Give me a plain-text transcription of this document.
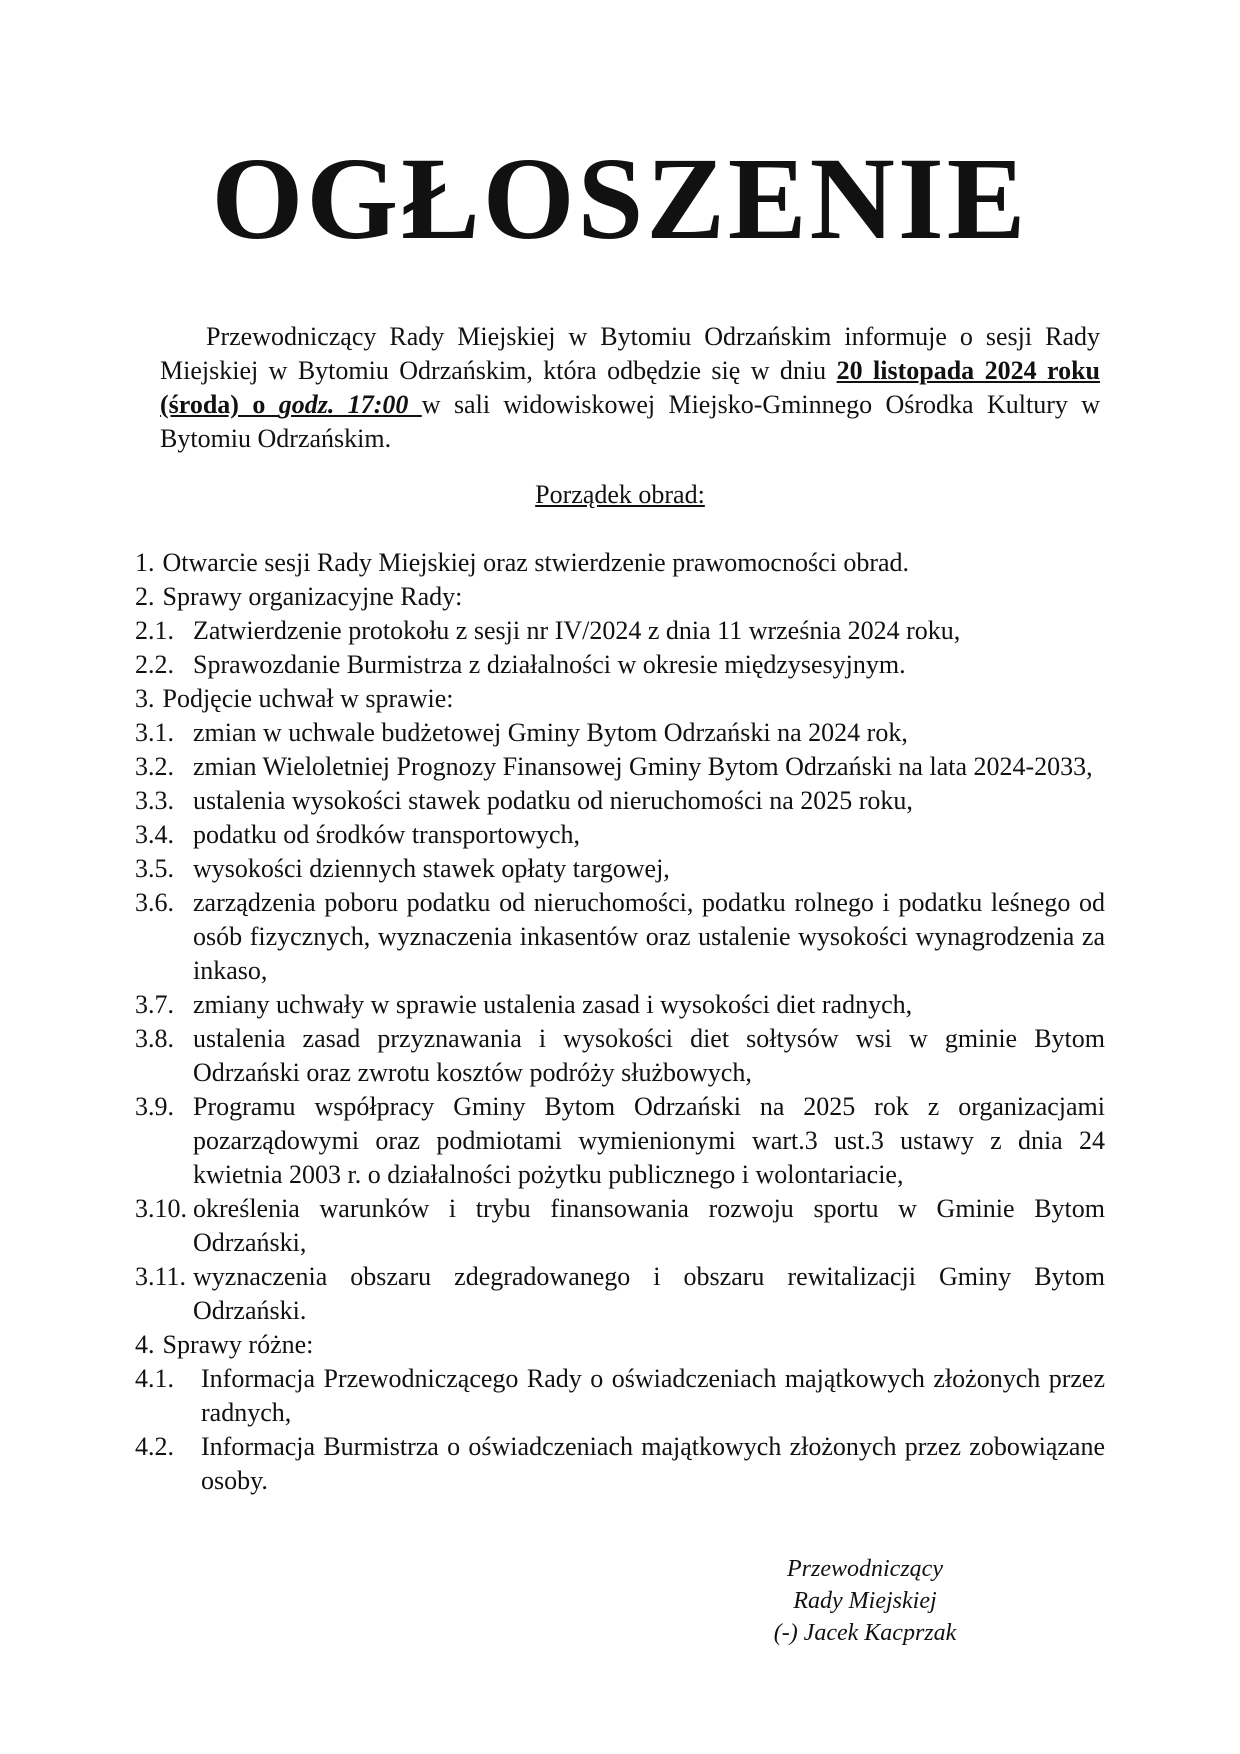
OGŁOSZENIE

Przewodniczący Rady Miejskiej w Bytomiu Odrzańskim informuje o sesji Rady Miejskiej w Bytomiu Odrzańskim, która odbędzie się w dniu 20 listopada 2024 roku (środa) o godz. 17:00 w sali widowiskowej Miejsko-Gminnego Ośrodka Kultury w Bytomiu Odrzańskim.

Porządek obrad:

1. Otwarcie sesji Rady Miejskiej oraz stwierdzenie prawomocności obrad.
2. Sprawy organizacyjne Rady:
2.1. Zatwierdzenie protokołu z sesji nr IV/2024 z dnia 11 września 2024 roku,
2.2. Sprawozdanie Burmistrza z działalności w okresie międzysesyjnym.
3. Podjęcie uchwał w sprawie:
3.1. zmian w uchwale budżetowej Gminy Bytom Odrzański na 2024 rok,
3.2. zmian Wieloletniej Prognozy Finansowej Gminy Bytom Odrzański na lata 2024-2033,
3.3. ustalenia wysokości stawek podatku od nieruchomości na 2025 roku,
3.4. podatku od środków transportowych,
3.5. wysokości dziennych stawek opłaty targowej,
3.6. zarządzenia poboru podatku od nieruchomości, podatku rolnego i podatku leśnego od osób fizycznych, wyznaczenia inkasentów oraz ustalenie wysokości wynagrodzenia za inkaso,
3.7. zmiany uchwały w sprawie ustalenia zasad i wysokości diet radnych,
3.8. ustalenia zasad przyznawania i wysokości diet sołtysów wsi w gminie Bytom Odrzański oraz zwrotu kosztów podróży służbowych,
3.9. Programu współpracy Gminy Bytom Odrzański na 2025 rok z organizacjami pozarządowymi oraz podmiotami wymienionymi wart.3 ust.3 ustawy z dnia 24 kwietnia 2003 r. o działalności pożytku publicznego i wolontariacie,
3.10. określenia warunków i trybu finansowania rozwoju sportu w Gminie Bytom Odrzański,
3.11. wyznaczenia obszaru zdegradowanego i obszaru rewitalizacji Gminy Bytom Odrzański.
4. Sprawy różne:
4.1.	Informacja Przewodniczącego Rady o oświadczeniach majątkowych złożonych przez radnych,
4.2.	Informacja Burmistrza o oświadczeniach majątkowych złożonych przez zobowiązane osoby.
Przewodniczący
Rady Miejskiej
(-) Jacek Kacprzak
